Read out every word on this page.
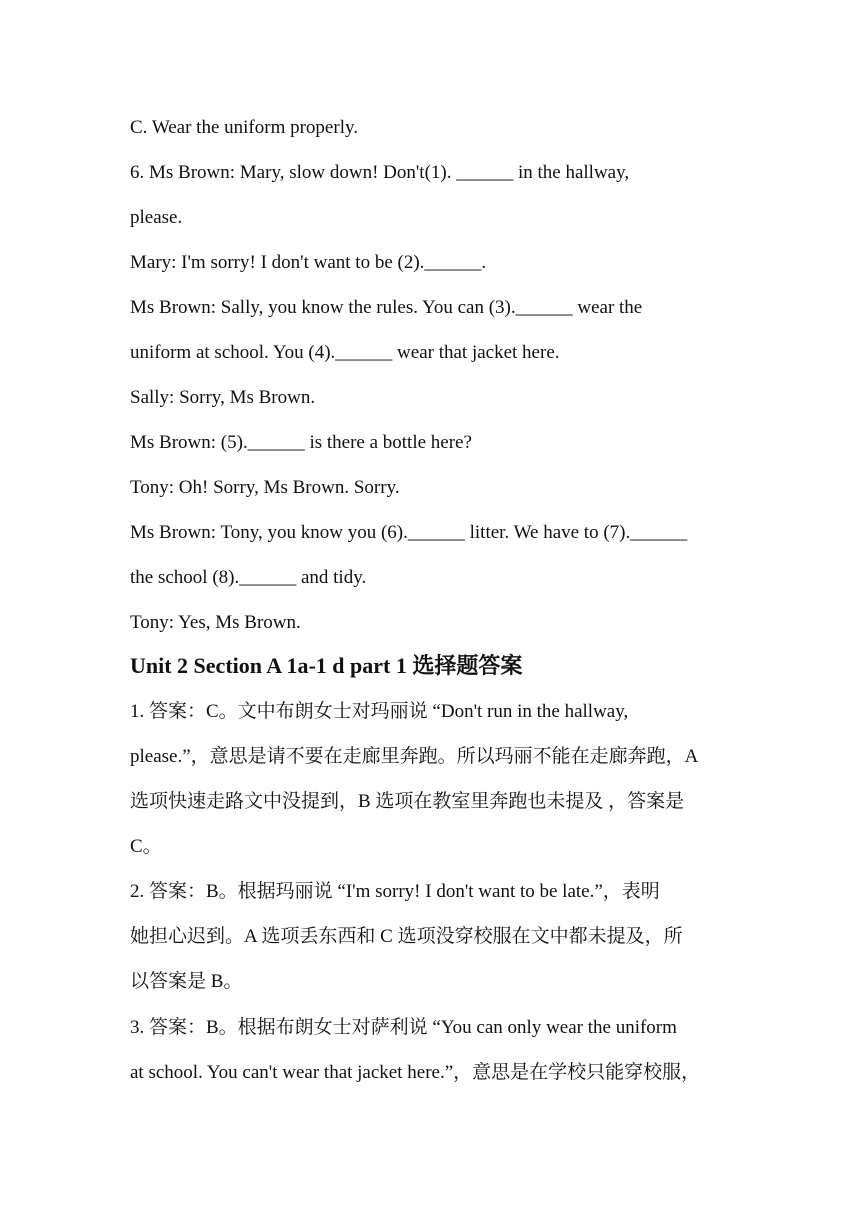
C. Wear the uniform properly.
6. Ms Brown: Mary, slow down! Don't(1). ______ in the hallway,
please.
Mary: I'm sorry! I don't want to be (2).______.
Ms Brown: Sally, you know the rules. You can (3).______ wear the
uniform at school. You (4).______ wear that jacket here.
Sally: Sorry, Ms Brown.
Ms Brown: (5).______ is there a bottle here?
Tony: Oh! Sorry, Ms Brown. Sorry.
Ms Brown: Tony, you know you (6).______ litter. We have to (7).______
the school (8).______ and tidy.
Tony: Yes, Ms Brown.
Unit 2 Section A 1a-1 d part 1 选择题答案
1. 答案：C。文中布朗女士对玛丽说 “Don't run in the hallway,
please.”，意思是请不要在走廊里奔跑。所以玛丽不能在走廊奔跑，A
选项快速走路文中没提到，B 选项在教室里奔跑也未提及 ，答案是
C。
2. 答案：B。根据玛丽说 “I'm sorry! I don't want to be late.”，表明
她担心迟到。A 选项丢东西和 C 选项没穿校服在文中都未提及，所
以答案是 B。
3. 答案：B。根据布朗女士对萨利说 “You can only wear the uniform
at school. You can't wear that jacket here.”，意思是在学校只能穿校服，
